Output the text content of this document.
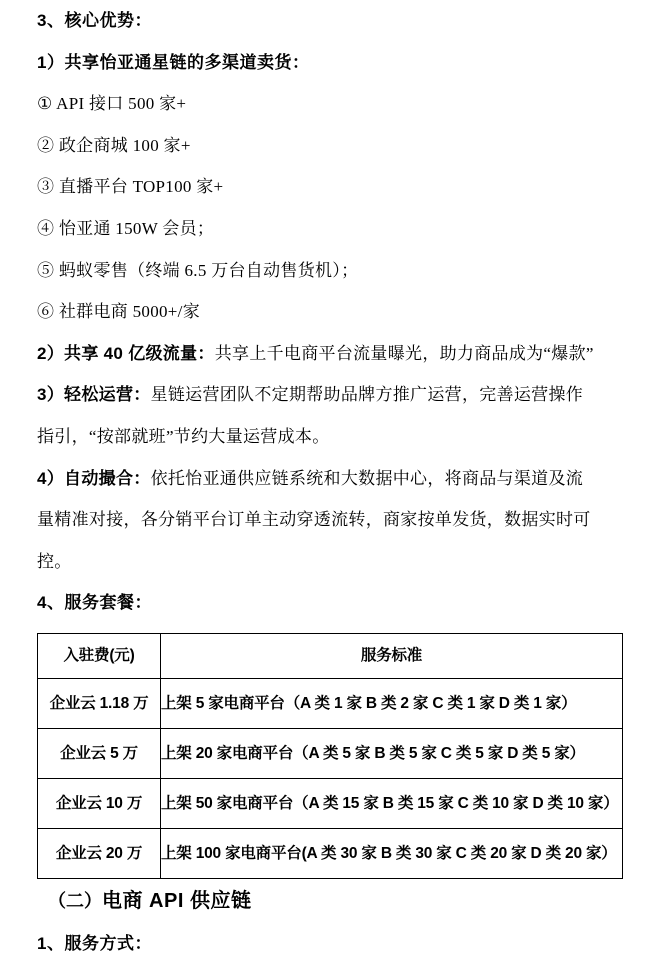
3、核心优势：

1）共享怡亚通星链的多渠道卖货：

① API 接口 500 家+

② 政企商城 100 家+

③ 直播平台 TOP100 家+

④ 怡亚通 150W 会员；

⑤ 蚂蚁零售（终端 6.5 万台自动售货机）；

⑥ 社群电商 5000+/家

2）共享 40 亿级流量：共享上千电商平台流量曝光，助力商品成为“爆款”

3）轻松运营：星链运营团队不定期帮助品牌方推广运营，完善运营操作

指引，“按部就班”节约大量运营成本。

4）自动撮合：依托怡亚通供应链系统和大数据中心，将商品与渠道及流

量精准对接，各分销平台订单主动穿透流转，商家按单发货，数据实时可

控。

4、服务套餐：

入驻费(元)	服务标准
企业云 1.18 万	上架 5 家电商平台（A 类 1 家 B 类 2 家 C 类 1 家 D 类 1 家）
企业云 5 万	上架 20 家电商平台（A 类 5 家 B 类 5 家 C 类 5 家 D 类 5 家）
企业云 10 万	上架 50 家电商平台（A 类 15 家 B 类 15 家 C 类 10 家 D 类 10 家）
企业云 20 万	上架 100 家电商平台(A 类 30 家 B 类 30 家 C 类 20 家 D 类 20 家）

（二）电商 API 供应链

1、服务方式：
